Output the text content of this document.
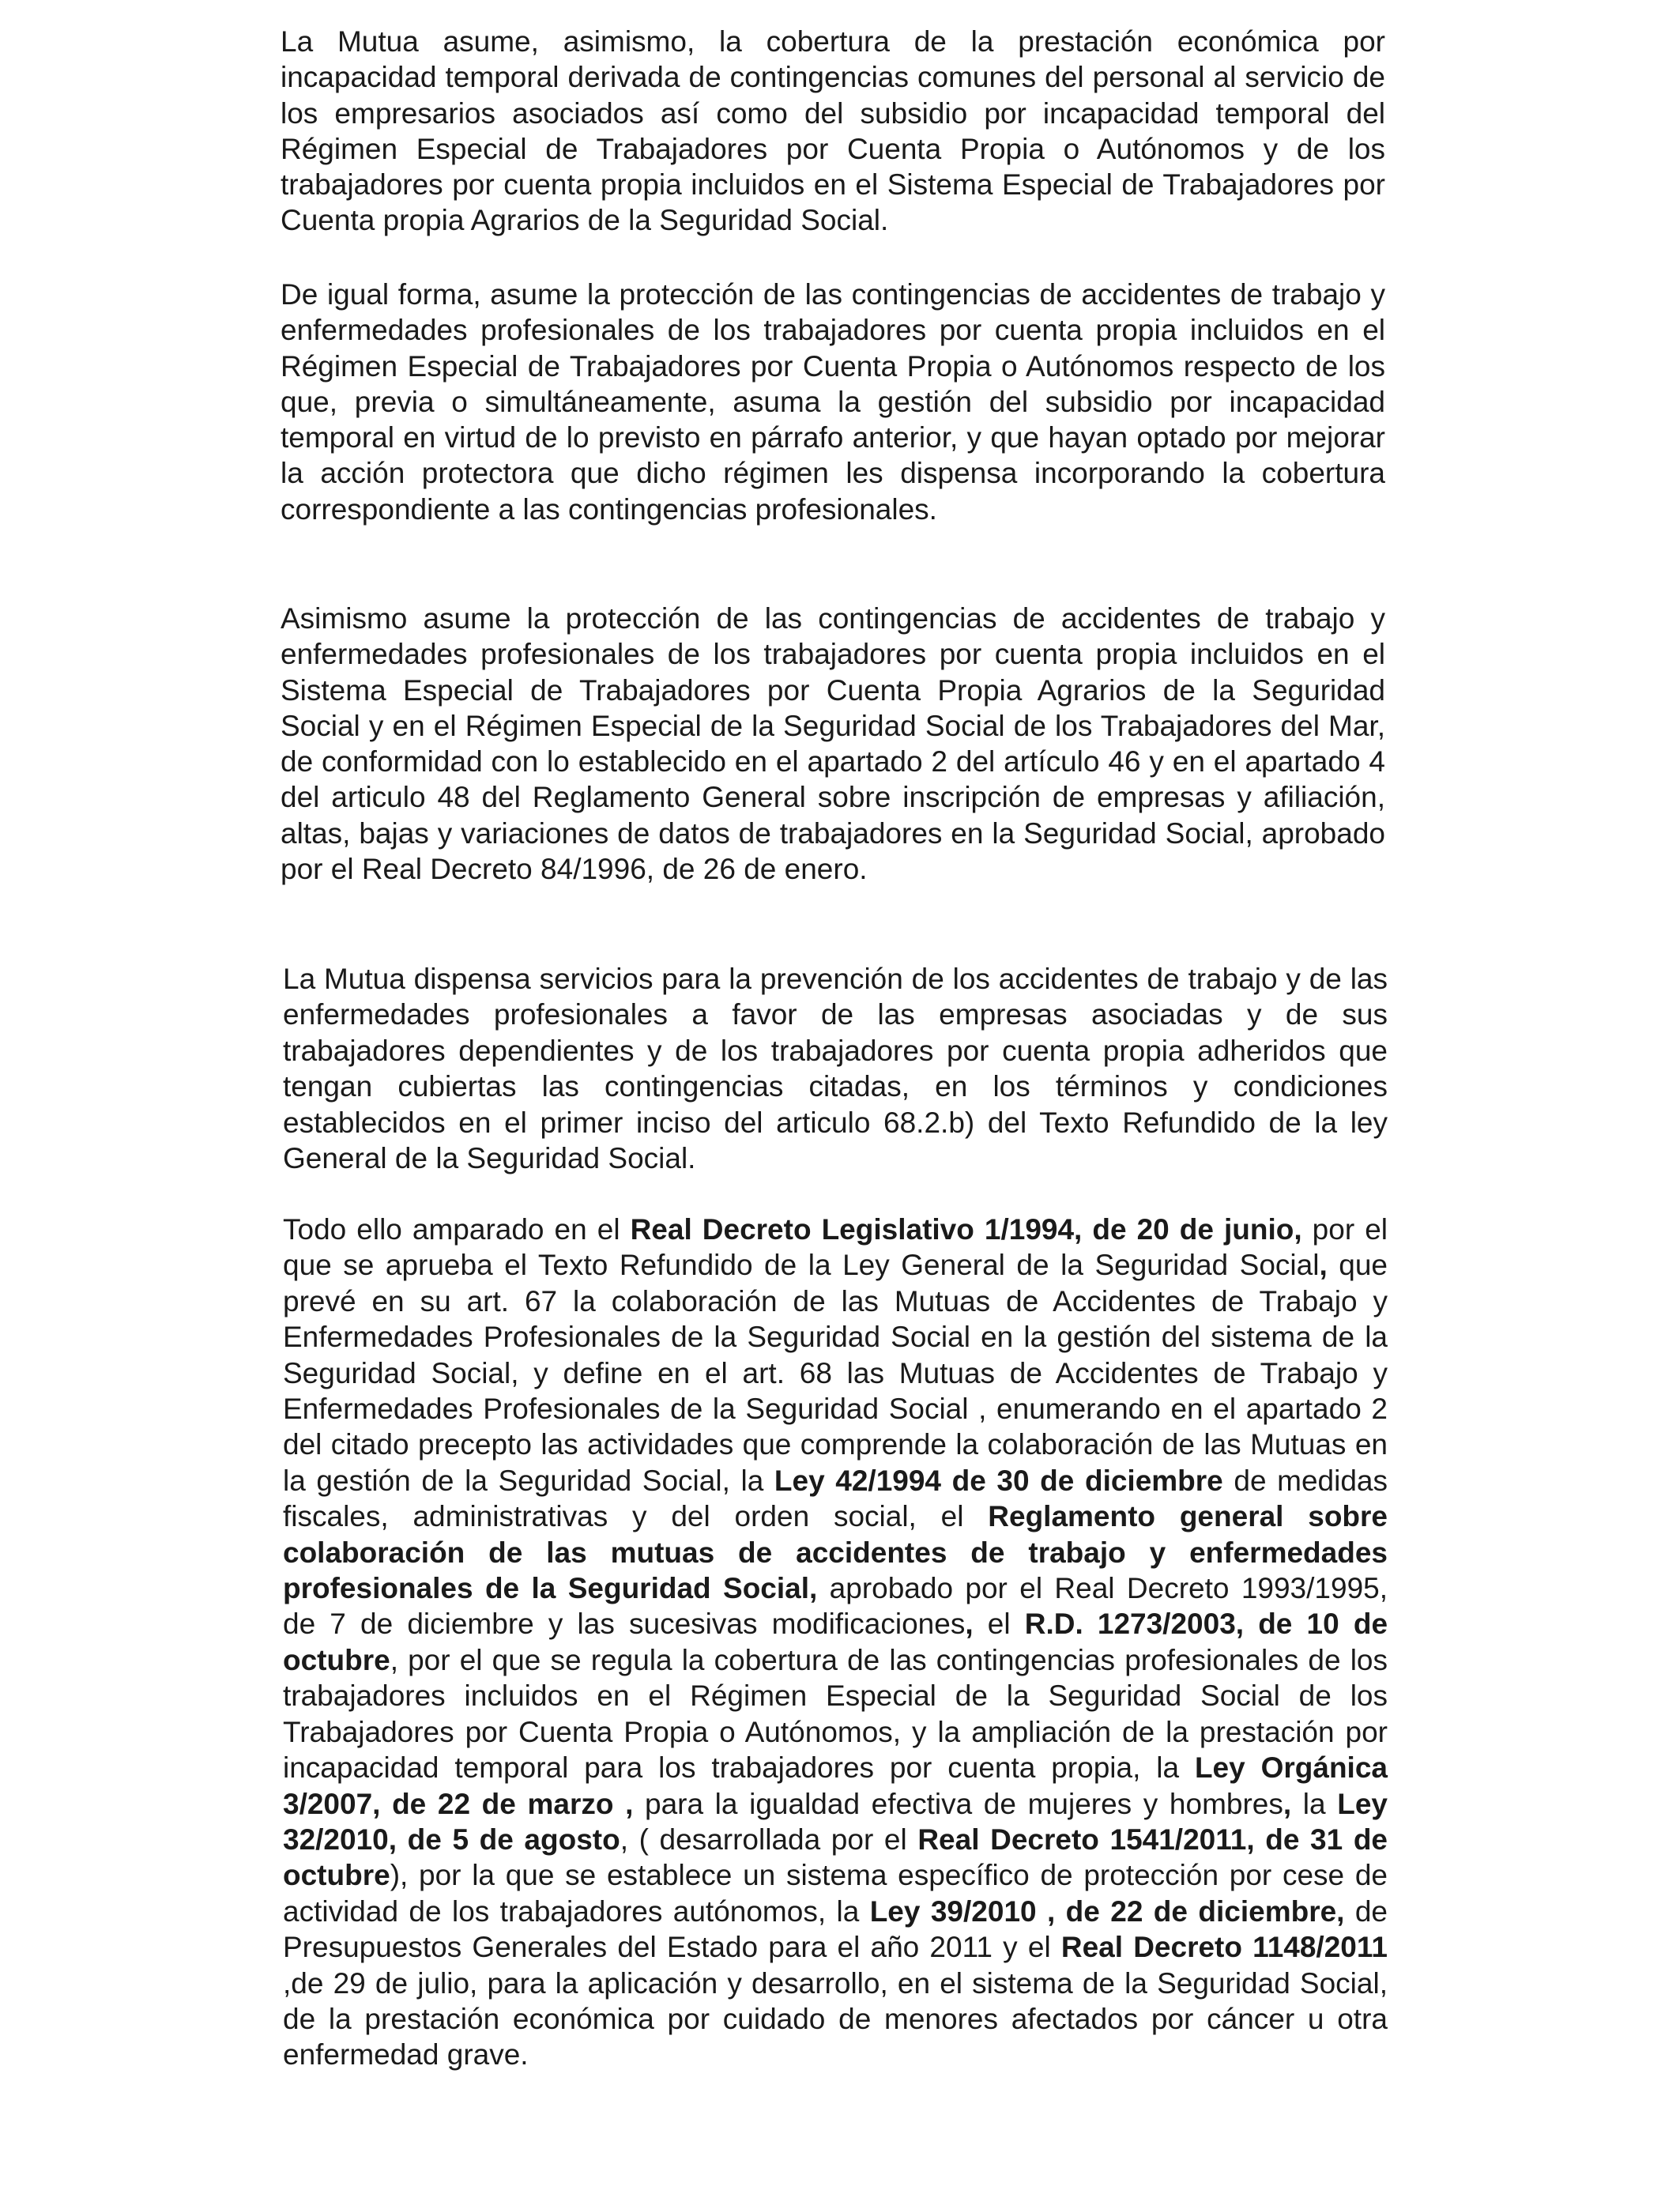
La Mutua asume, asimismo, la cobertura de la prestación económica por incapacidad temporal derivada de contingencias comunes del personal al servicio de los empresarios asociados así como del subsidio por incapacidad temporal del Régimen Especial de Trabajadores por Cuenta Propia o Autónomos y de los trabajadores por cuenta propia incluidos en el Sistema Especial de Trabajadores por Cuenta propia Agrarios de la Seguridad Social.

De igual forma, asume la protección de las contingencias de accidentes de trabajo y enfermedades profesionales de los trabajadores por cuenta propia incluidos en el Régimen Especial de Trabajadores por Cuenta Propia o Autónomos respecto de los que, previa o simultáneamente, asuma la gestión del subsidio por incapacidad temporal en virtud de lo previsto en párrafo anterior, y que hayan optado por mejorar la acción protectora que dicho régimen les dispensa incorporando la cobertura correspondiente a las contingencias profesionales.

Asimismo asume la protección de las contingencias de accidentes de trabajo y enfermedades profesionales de los trabajadores por cuenta propia incluidos en el Sistema Especial de Trabajadores por Cuenta Propia Agrarios de la Seguridad Social y en el Régimen Especial de la Seguridad Social de los Trabajadores del Mar, de conformidad con lo establecido en el apartado 2 del artículo 46 y en el apartado 4 del articulo 48 del Reglamento General sobre inscripción de empresas y afiliación, altas, bajas y variaciones de datos de trabajadores en la Seguridad Social, aprobado por el Real Decreto 84/1996, de 26 de enero.

La Mutua dispensa servicios para la prevención de los accidentes de trabajo y de las enfermedades profesionales a favor de las empresas asociadas y de sus trabajadores dependientes y de los trabajadores por cuenta propia adheridos que tengan cubiertas las contingencias citadas, en los términos y condiciones establecidos en el primer inciso del articulo 68.2.b) del Texto Refundido de la ley General de la Seguridad Social.

Todo ello amparado en el Real Decreto Legislativo 1/1994, de 20 de junio, por el que se aprueba el Texto Refundido de la Ley General de la Seguridad Social, que prevé en su art. 67 la colaboración de las Mutuas de Accidentes de Trabajo y Enfermedades Profesionales de la Seguridad Social en la gestión del sistema de la Seguridad Social, y define en el art. 68 las Mutuas de Accidentes de Trabajo y Enfermedades Profesionales de la Seguridad Social , enumerando en el apartado 2 del citado precepto las actividades que comprende la colaboración de las Mutuas en la gestión de la Seguridad Social, la Ley 42/1994 de 30 de diciembre de medidas fiscales, administrativas y del orden social, el Reglamento general sobre colaboración de las mutuas de accidentes de trabajo y enfermedades profesionales de la Seguridad Social, aprobado por el Real Decreto 1993/1995, de 7 de diciembre y las sucesivas modificaciones, el R.D. 1273/2003, de 10 de octubre, por el que se regula la cobertura de las contingencias profesionales de los trabajadores incluidos en el Régimen Especial de la Seguridad Social de los Trabajadores por Cuenta Propia o Autónomos, y la ampliación de la prestación por incapacidad temporal para los trabajadores por cuenta propia, la Ley Orgánica 3/2007, de 22 de marzo , para la igualdad efectiva de mujeres y hombres, la Ley 32/2010, de 5 de agosto, ( desarrollada por el Real Decreto 1541/2011, de 31 de octubre), por la que se establece un sistema específico de protección por cese de actividad de los trabajadores autónomos, la Ley 39/2010 , de 22 de diciembre, de Presupuestos Generales del Estado para el año 2011 y el Real Decreto 1148/2011 ,de 29 de julio, para la aplicación y desarrollo, en el sistema de la Seguridad Social, de la prestación económica por cuidado de menores afectados por cáncer u otra enfermedad grave.
